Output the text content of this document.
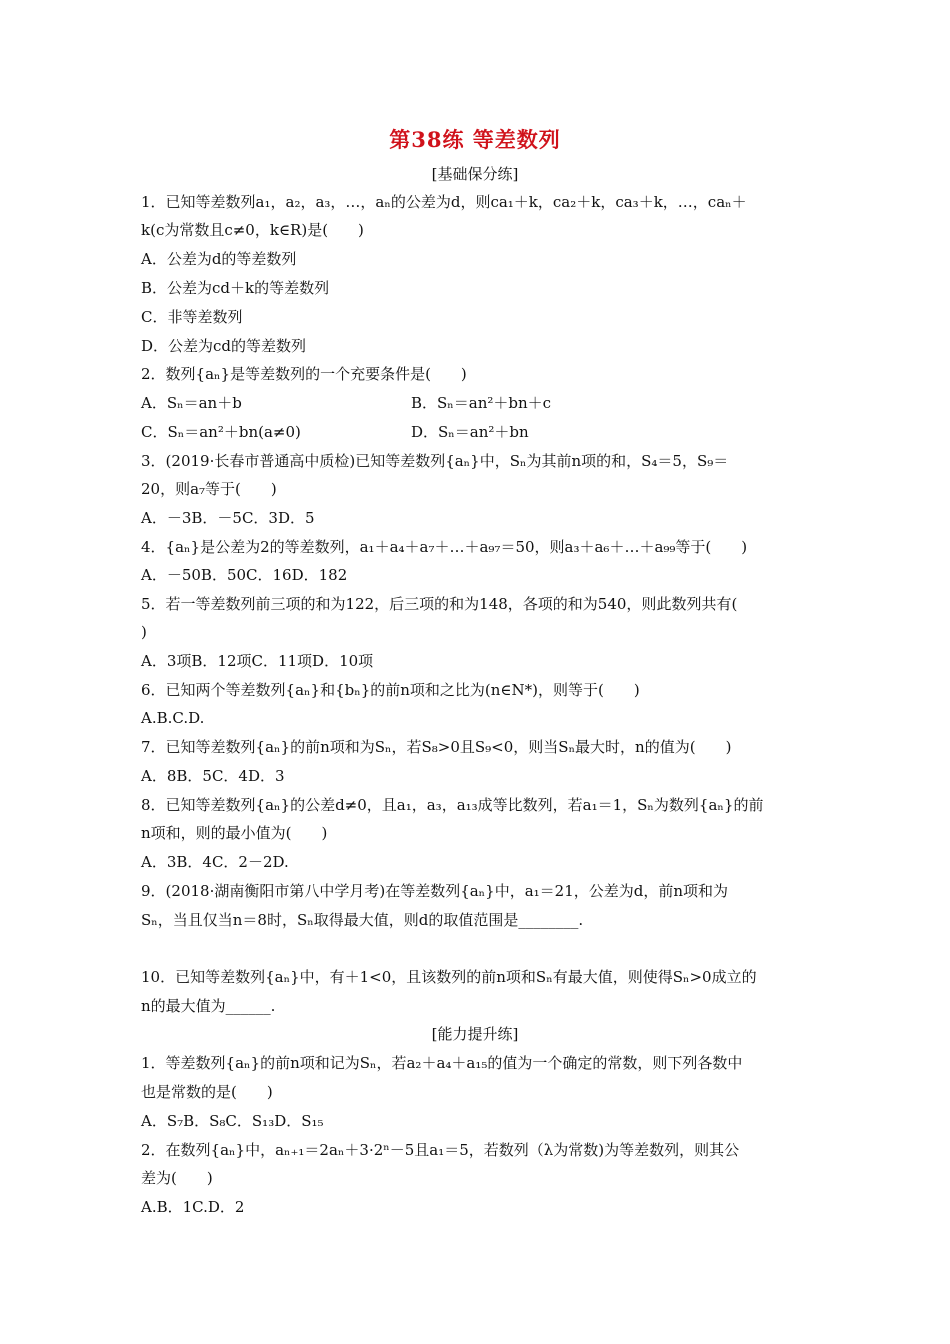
第38练 等差数列
[基础保分练]
1．已知等差数列a₁，a₂，a₃，…，aₙ的公差为d，则ca₁＋k，ca₂＋k，ca₃＋k，…，caₙ＋
k(c为常数且c≠0，k∈R)是(　　)
A．公差为d的等差数列
B．公差为cd＋k的等差数列
C．非等差数列
D．公差为cd的等差数列
2．数列{aₙ}是等差数列的一个充要条件是(　　)
A．Sₙ＝an＋b	B．Sₙ＝an²＋bn＋c
C．Sₙ＝an²＋bn(a≠0)	D．Sₙ＝an²＋bn
3．(2019·长春市普通高中质检)已知等差数列{aₙ}中，Sₙ为其前n项的和，S₄＝5，S₉＝
20，则a₇等于(　　)
A．－3B．－5C．3D．5
4．{aₙ}是公差为2的等差数列，a₁＋a₄＋a₇＋…＋a₉₇＝50，则a₃＋a₆＋…＋a₉₉等于(　　)
A．－50B．50C．16D．182
5．若一等差数列前三项的和为122，后三项的和为148，各项的和为540，则此数列共有(
)
A．3项B．12项C．11项D．10项
6．已知两个等差数列{aₙ}和{bₙ}的前n项和之比为(n∈N*)，则等于(　　)
A.B.C.D.
7．已知等差数列{aₙ}的前n项和为Sₙ，若S₈>0且S₉<0，则当Sₙ最大时，n的值为(　　)
A．8B．5C．4D．3
8．已知等差数列{aₙ}的公差d≠0，且a₁，a₃，a₁₃成等比数列，若a₁＝1，Sₙ为数列{aₙ}的前
n项和，则的最小值为(　　)
A．3B．4C．2－2D.
9．(2018·湖南衡阳市第八中学月考)在等差数列{aₙ}中，a₁＝21，公差为d，前n项和为
Sₙ，当且仅当n＝8时，Sₙ取得最大值，则d的取值范围是________.
10．已知等差数列{aₙ}中，有＋1<0，且该数列的前n项和Sₙ有最大值，则使得Sₙ>0成立的
n的最大值为______.
[能力提升练]
1．等差数列{aₙ}的前n项和记为Sₙ，若a₂＋a₄＋a₁₅的值为一个确定的常数，则下列各数中
也是常数的是(　　)
A．S₇B．S₈C．S₁₃D．S₁₅
2．在数列{aₙ}中，aₙ₊₁＝2aₙ＋3·2ⁿ－5且a₁＝5，若数列（λ为常数)为等差数列，则其公
差为(　　)
A.B．1C.D．2
